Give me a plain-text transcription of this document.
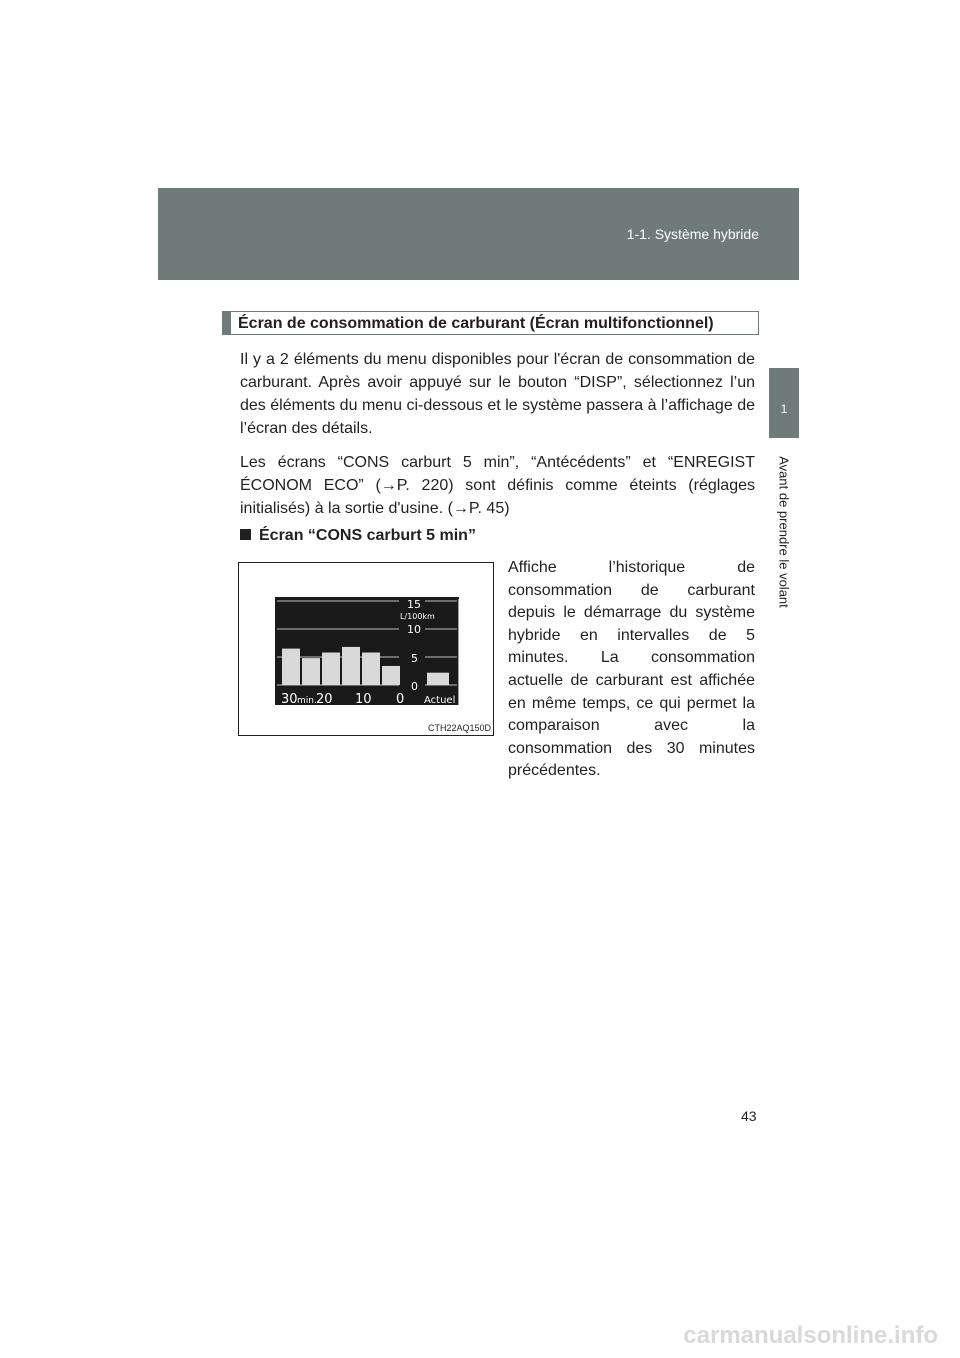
1-1. Système hybride
1
Avant de prendre le volant
Écran de consommation de carburant (Écran multifonctionnel)

Il y a 2 éléments du menu disponibles pour l'écran de consommation de carburant. Après avoir appuyé sur le bouton “DISP”, sélectionnez l’un des éléments du menu ci-dessous et le système passera à l’affichage de l’écran des détails.

Les écrans “CONS carburt 5 min”, “Antécédents” et “ENREGIST ÉCONOM ECO” (→P. 220) sont définis comme éteints (réglages initialisés) à la sortie d'usine. (→P. 45)

Écran “CONS carburt 5 min”
15
L/100km
10
5
0
30 min. 20 10 0 Actuel
CTH22AQ150D

Affiche l’historique de consommation de carburant depuis le démarrage du système hybride en intervalles de 5 minutes. La consommation actuelle de carburant est affichée en même temps, ce qui permet la comparaison avec la consommation des 30 minutes précédentes.

43
carmanualsonline.info
